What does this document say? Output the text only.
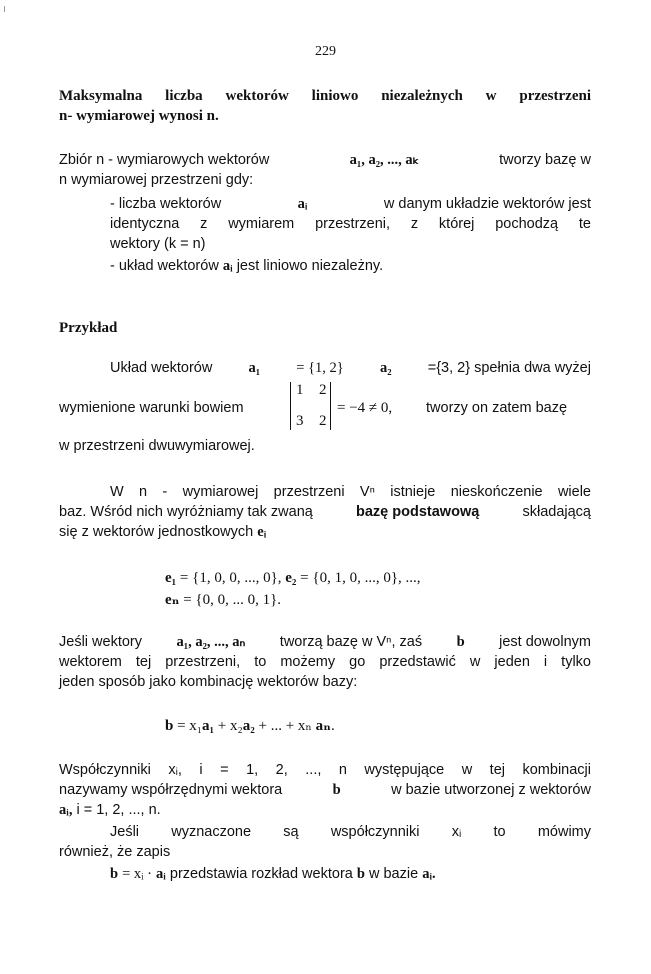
229
Maksymalna liczba wektorów liniowo niezależnych w przestrzeni
n- wymiarowej wynosi n.
Zbiór n - wymiarowych wektorów	a₁, a₂, ..., aₖ	tworzy bazę w
n wymiarowej przestrzeni gdy:
- liczba wektorów	aᵢ	w danym układzie wektorów jest
identyczna z wymiarem przestrzeni, z której pochodzą te
wektory (k = n)
- układ wektorów aᵢ jest liniowo niezależny.
Przykład
Układ wektorów a₁ = {1, 2} a₂ ={3, 2} spełnia dwa wyżej
wymienione warunki bowiem
1 2
3 2
= −4 ≠ 0, tworzy on zatem bazę
w przestrzeni dwuwymiarowej.
W n - wymiarowej przestrzeni Vⁿ istnieje nieskończenie wiele
baz. Wśród nich wyróżniamy tak zwaną	bazę podstawową	składającą
się z wektorów jednostkowych eᵢ
e₁ = {1, 0, 0, ..., 0}, e₂ = {0, 1, 0, ..., 0}, ...,
eₙ = {0, 0, ... 0, 1}.
Jeśli wektory a₁, a₂, ..., aₙ tworzą bazę w Vⁿ, zaś b jest dowolnym
wektorem tej przestrzeni, to możemy go przedstawić w jeden i tylko
jeden sposób jako kombinację wektorów bazy:
b = x₁a₁ + x₂a₂ + ... + xₙ aₙ.
Współczynniki xᵢ, i = 1, 2, ..., n występujące w tej kombinacji
nazywamy współrzędnymi wektora	b	w bazie utworzonej z wektorów
aᵢ, i = 1, 2, ..., n.
Jeśli wyznaczone są współczynniki xᵢ to mówimy
również, że zapis
b = xᵢ · aᵢ przedstawia rozkład wektora b w bazie aᵢ.
